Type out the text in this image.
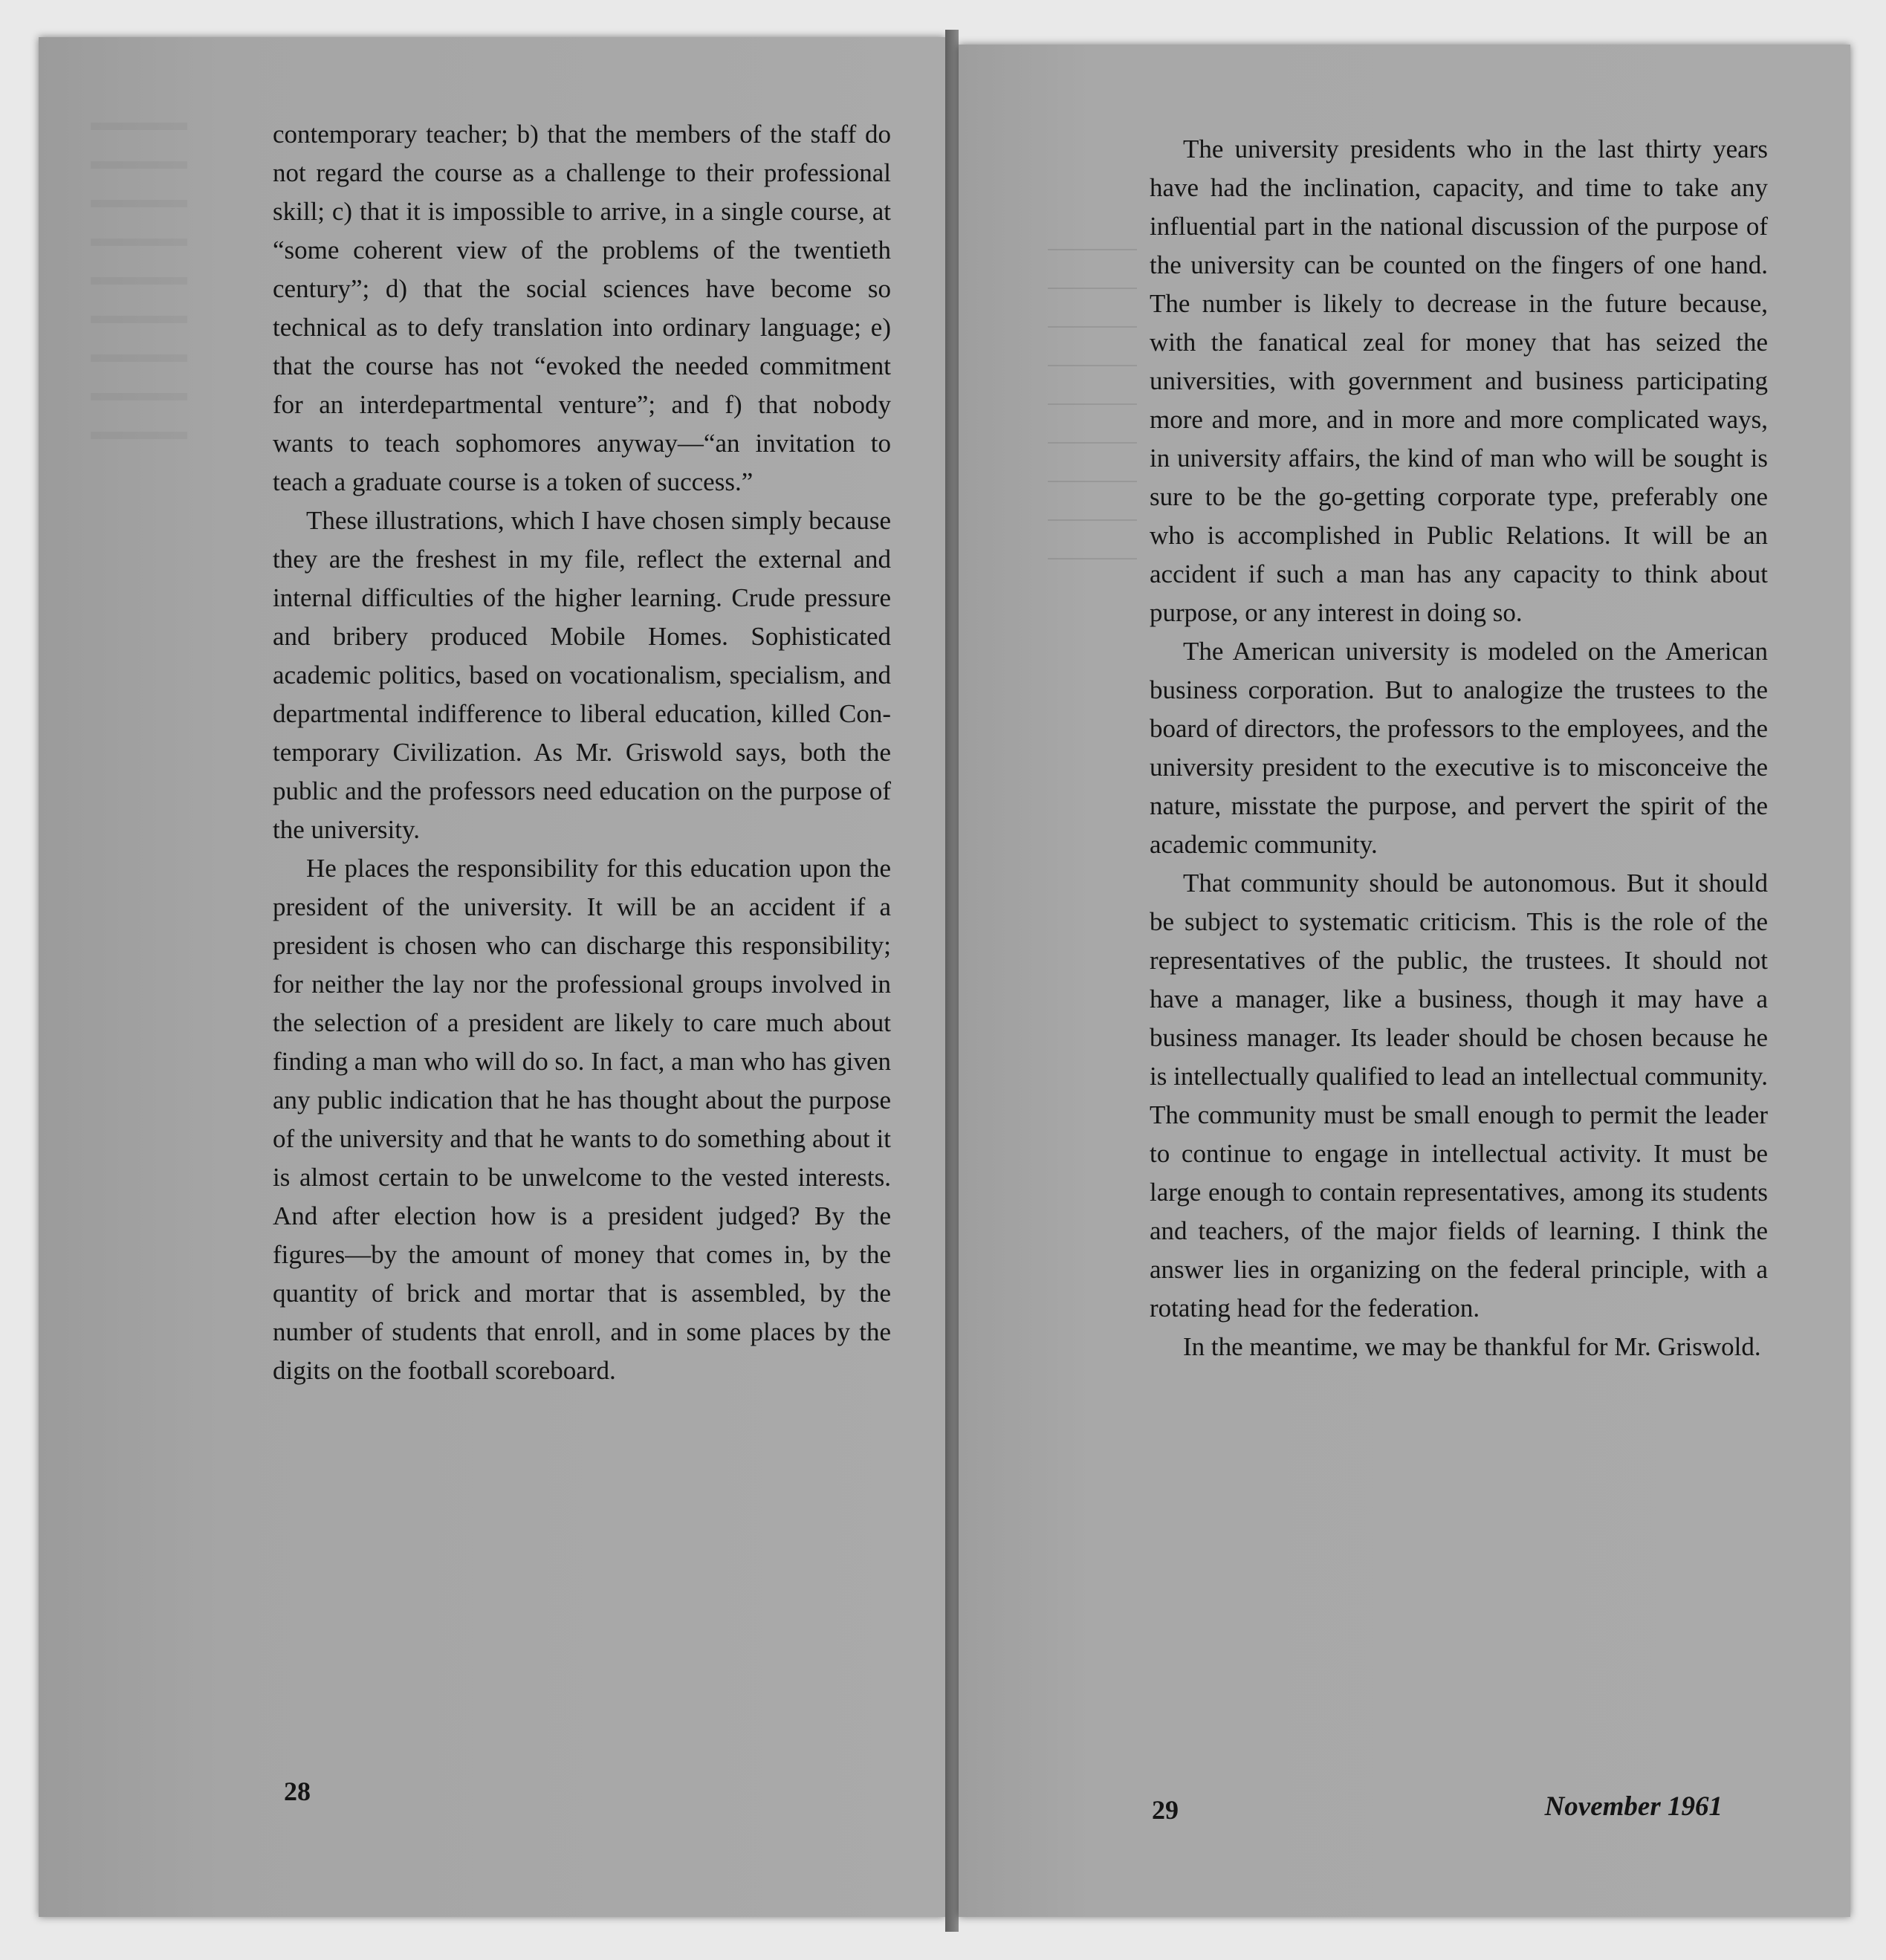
contemporary teacher; b) that the members of the staff do not regard the course as a challenge to their professional skill; c) that it is impossible to arrive, in a single course, at “some coherent view of the problems of the twentieth century”; d) that the social sciences have become so technical as to defy translation into ordinary language; e) that the course has not “evoked the needed commitment for an interdepartmental venture”; and f) that nobody wants to teach sophomores anyway—“an invitation to teach a graduate course is a token of success.”

These illustrations, which I have chosen simply because they are the freshest in my file, reflect the external and internal difficulties of the higher learning. Crude pressure and bribery produced Mobile Homes. Sophisticated academic politics, based on vocationalism, specialism, and departmental indifference to liberal education, killed Contemporary Civilization. As Mr. Griswold says, both the public and the professors need education on the purpose of the university.

He places the responsibility for this education upon the president of the university. It will be an accident if a president is chosen who can discharge this responsibility; for neither the lay nor the professional groups involved in the selection of a president are likely to care much about finding a man who will do so. In fact, a man who has given any public indication that he has thought about the purpose of the university and that he wants to do something about it is almost certain to be unwelcome to the vested interests. And after election how is a president judged? By the figures—by the amount of money that comes in, by the quantity of brick and mortar that is assembled, by the number of students that enroll, and in some places by the digits on the football scoreboard.

28

The university presidents who in the last thirty years have had the inclination, capacity, and time to take any influential part in the national discussion of the purpose of the university can be counted on the fingers of one hand. The number is likely to decrease in the future because, with the fanatical zeal for money that has seized the universities, with government and business participating more and more, and in more and more complicated ways, in university affairs, the kind of man who will be sought is sure to be the go-getting corporate type, preferably one who is accomplished in Public Relations. It will be an accident if such a man has any capacity to think about purpose, or any interest in doing so.

The American university is modeled on the American business corporation. But to analogize the trustees to the board of directors, the professors to the employees, and the university president to the executive is to misconceive the nature, misstate the purpose, and pervert the spirit of the academic community.

That community should be autonomous. But it should be subject to systematic criticism. This is the role of the representatives of the public, the trustees. It should not have a manager, like a business, though it may have a business manager. Its leader should be chosen because he is intellectually qualified to lead an intellectual community. The community must be small enough to permit the leader to continue to engage in intellectual activity. It must be large enough to contain representatives, among its students and teachers, of the major fields of learning. I think the answer lies in organizing on the federal principle, with a rotating head for the federation.

In the meantime, we may be thankful for Mr. Griswold.

29	November 1961
